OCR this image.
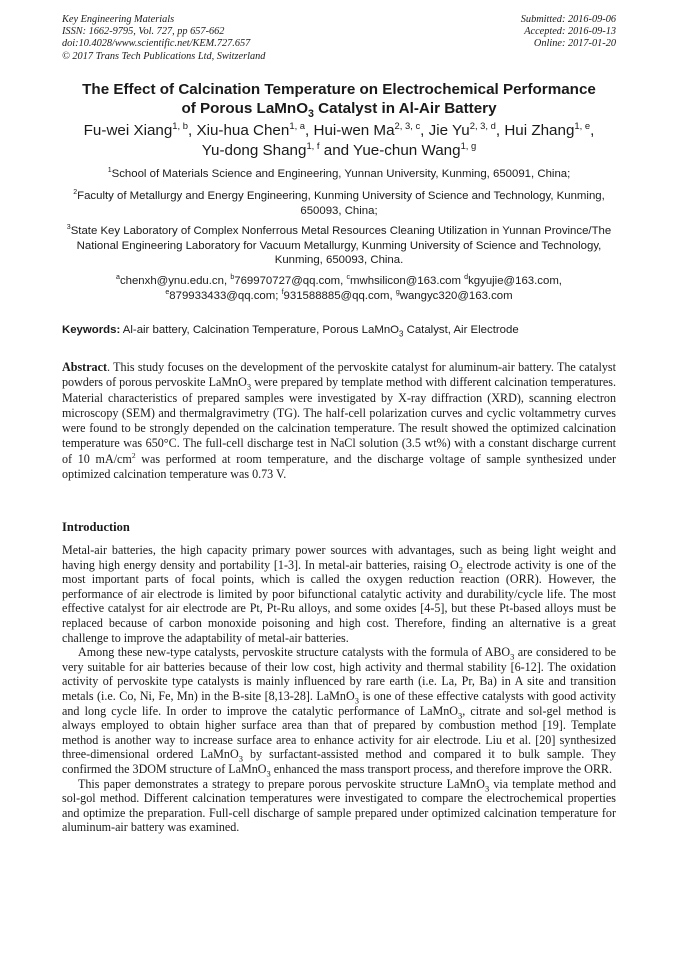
Key Engineering Materials
ISSN: 1662-9795, Vol. 727, pp 657-662
doi:10.4028/www.scientific.net/KEM.727.657
© 2017 Trans Tech Publications Ltd, Switzerland
Submitted: 2016-09-06
Accepted: 2016-09-13
Online: 2017-01-20
The Effect of Calcination Temperature on Electrochemical Performance
of Porous LaMnO$_3$ Catalyst in Al-Air Battery
Fu-wei Xiang$^{1, b}$, Xiu-hua Chen$^{1, a}$, Hui-wen Ma$^{2, 3, c}$, Jie Yu$^{2, 3, d}$, Hui Zhang$^{1, e}$,
Yu-dong Shang$^{1, f}$ and Yue-chun Wang$^{1, g}$
$^1$School of Materials Science and Engineering, Yunnan University, Kunming, 650091, China;
$^2$Faculty of Metallurgy and Energy Engineering, Kunming University of Science and Technology, Kunming, 650093, China;
$^3$State Key Laboratory of Complex Nonferrous Metal Resources Cleaning Utilization in Yunnan Province/The National Engineering Laboratory for Vacuum Metallurgy, Kunming University of Science and Technology, Kunming, 650093, China.
$^a$chenxh@ynu.edu.cn, $^b$769970727@qq.com, $^c$mwhsilicon@163.com $^d$kgyujie@163.com,
$^e$879933433@qq.com; $^f$931588885@qq.com, $^g$wangyc320@163.com
Keywords: Al-air battery, Calcination Temperature, Porous LaMnO$_3$ Catalyst, Air Electrode
Abstract. This study focuses on the development of the pervoskite catalyst for aluminum-air battery. The catalyst powders of porous pervoskite LaMnO$_3$ were prepared by template method with different calcination temperatures. Material characteristics of prepared samples were investigated by X-ray diffraction (XRD), scanning electron microscopy (SEM) and thermalgravimetry (TG). The half-cell polarization curves and cyclic voltammetry curves were found to be strongly depended on the calcination temperature. The result showed the optimized calcination temperature was 650°C. The full-cell discharge test in NaCl solution (3.5 wt%) with a constant discharge current of 10 $mA/cm^2$ was performed at room temperature, and the discharge voltage of sample synthesized under optimized calcination temperature was 0.73 V.
Introduction

Metal-air batteries, the high capacity primary power sources with advantages, such as being light weight and having high energy density and portability [1-3]. In metal-air batteries, raising $O_2$ electrode activity is one of the most important parts of focal points, which is called the oxygen reduction reaction (ORR). However, the performance of air electrode is limited by poor bifunctional catalytic activity and durability/cycle life. The most effective catalyst for air electrode are Pt, Pt-Ru alloys, and some oxides [4-5], but these Pt-based alloys must be replaced because of carbon monoxide poisoning and high cost. Therefore, finding an alternative is a great challenge to improve the adaptability of metal-air batteries.

Among these new-type catalysts, pervoskite structure catalysts with the formula of $ABO_3$ are considered to be very suitable for air batteries because of their low cost, high activity and thermal stability [6-12]. The oxidation activity of pervoskite type catalysts is mainly influenced by rare earth (i.e. La, Pr, Ba) in A site and transition metals (i.e. Co, Ni, Fe, Mn) in the B-site [8,13-28]. LaMnO$_3$ is one of these effective catalysts with good activity and long cycle life. In order to improve the catalytic performance of LaMnO$_3$, citrate and sol-gel method is always employed to obtain higher surface area than that of prepared by combustion method [19]. Template method is another way to increase surface area to enhance activity for air electrode. Liu et al. [20] synthesized three-dimensional ordered LaMnO$_3$ by surfactant-assisted method and compared it to bulk sample. They confirmed the 3DOM structure of LaMnO$_3$ enhanced the mass transport process, and therefore improve the ORR.

This paper demonstrates a strategy to prepare porous pervoskite structure LaMnO$_3$ via template method and sol-gol method. Different calcination temperatures were investigated to compare the electrochemical properties and optimize the preparation. Full-cell discharge of sample prepared under optimized calcination temperature for aluminum-air battery was examined.
